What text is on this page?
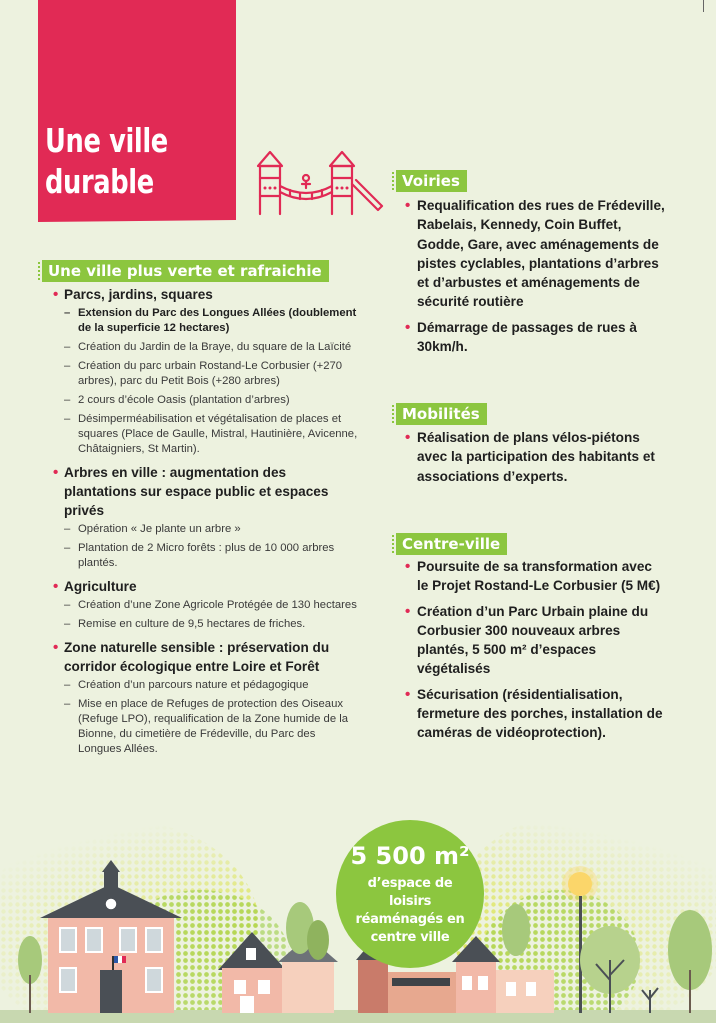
Une ville
durable
Une ville plus verte et rafraichie
• Parcs, jardins, squares
– Extension du Parc des Longues Allées (doublement de la superficie 12 hectares)
– Création du Jardin de la Braye, du square de la Laïcité
– Création du parc urbain Rostand-Le Corbusier (+270 arbres), parc du Petit Bois (+280 arbres)
– 2 cours d’école Oasis (plantation d’arbres)
– Désimperméabilisation et végétalisation de places et squares (Place de Gaulle, Mistral, Hautinière, Avicenne, Châtaigniers, St Martin).
• Arbres en ville : augmentation des plantations sur espace public et espaces privés
– Opération « Je plante un arbre »
– Plantation de 2 Micro forêts : plus de 10 000 arbres plantés.
• Agriculture
– Création d’une Zone Agricole Protégée de 130 hectares
– Remise en culture de 9,5 hectares de friches.
• Zone naturelle sensible : préservation du corridor écologique entre Loire et Forêt
– Création d’un parcours nature et pédagogique
– Mise en place de Refuges de protection des Oiseaux (Refuge LPO), requalification de la Zone humide de la Bionne, du cimetière de Frédeville, du Parc des Longues Allées.
Voiries
• Requalification des rues de Frédeville, Rabelais, Kennedy, Coin Buffet, Godde, Gare, avec aménagements de pistes cyclables, plantations d’arbres et d’arbustes et aménagements de sécurité routière
• Démarrage de passages de rues à 30km/h.
Mobilités
• Réalisation de plans vélos-piétons avec la participation des habitants et associations d’experts.
Centre-ville
• Poursuite de sa transformation avec le Projet Rostand-Le Corbusier (5 M€)
• Création d’un Parc Urbain plaine du Corbusier 300 nouveaux arbres plantés, 5 500 m² d’espaces végétalisés
• Sécurisation (résidentialisation, fermeture des porches, installation de caméras de vidéoprotection).
5 500 m²
d’espace de loisirs réaménagés en centre ville
